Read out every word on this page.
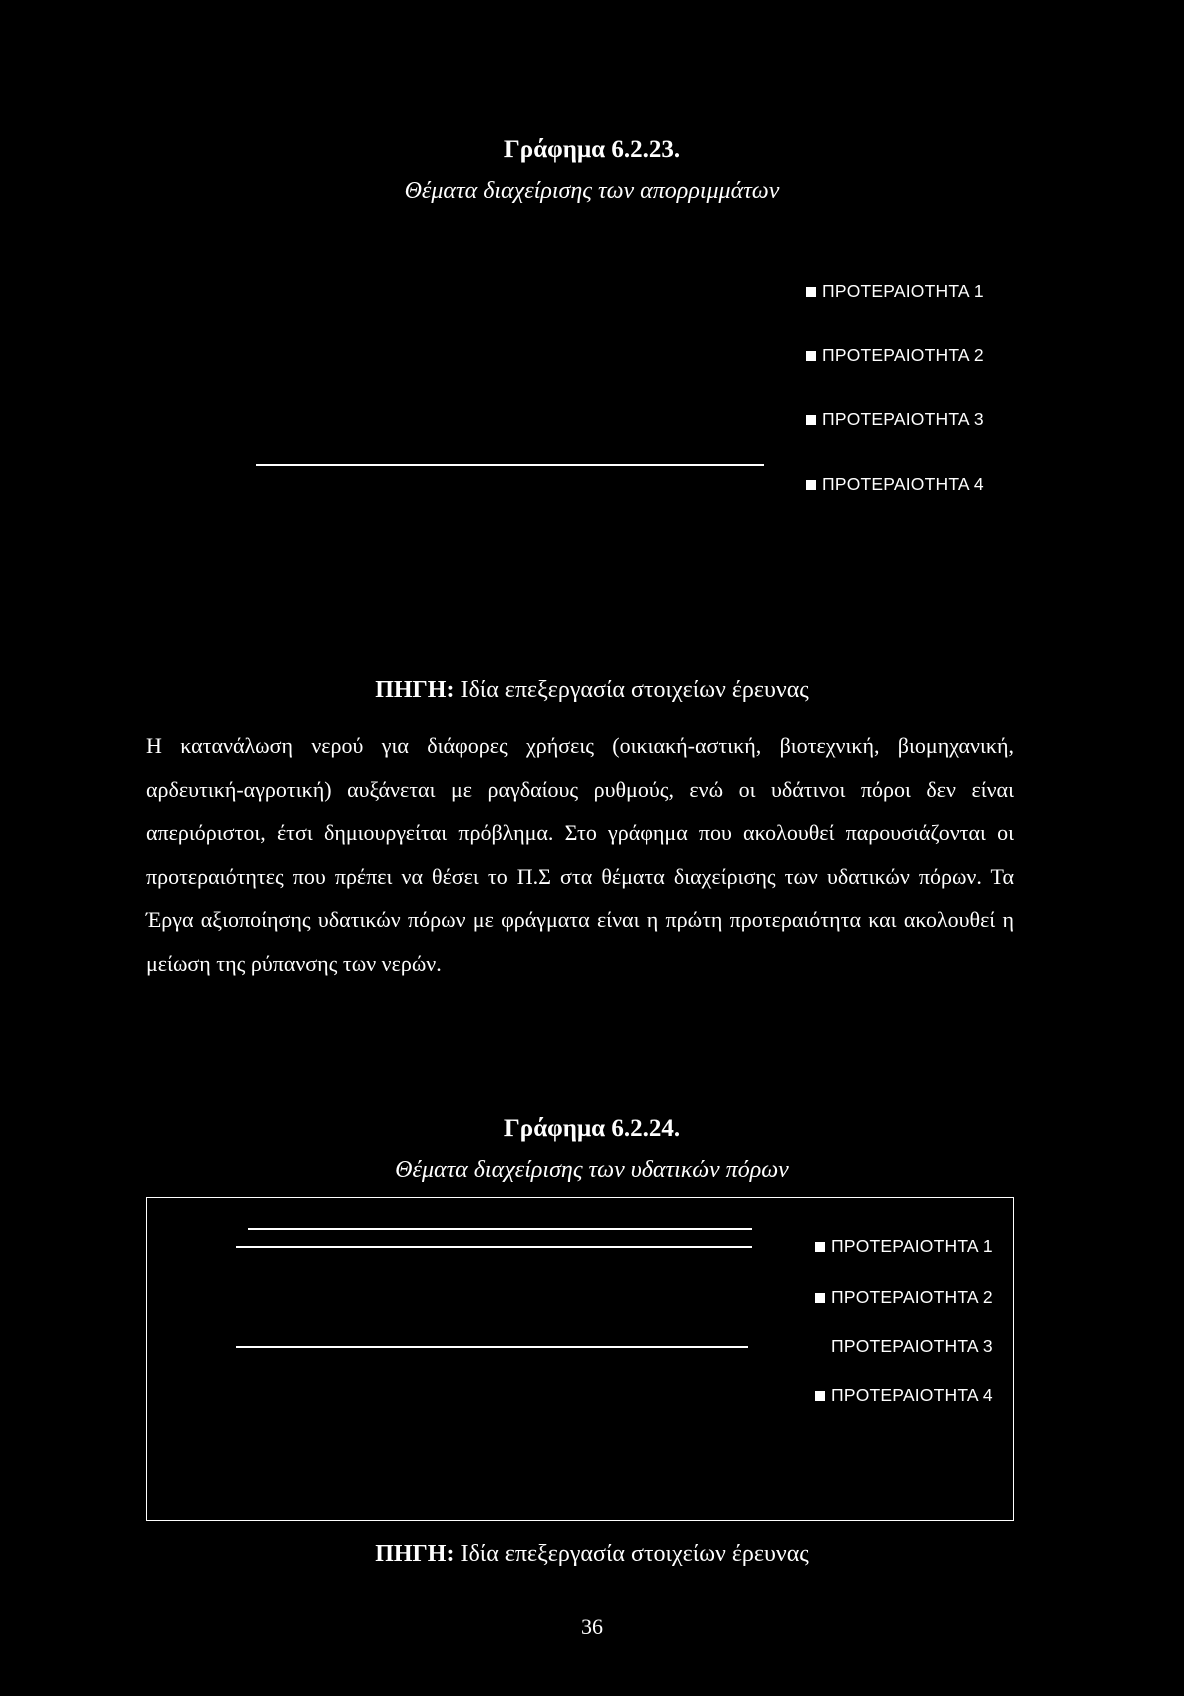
Γράφημα 6.2.23.
Θέματα διαχείρισης των απορριμμάτων
ΠΡΟΤΕΡΑΙΟΤΗΤΑ 1
ΠΡΟΤΕΡΑΙΟΤΗΤΑ 2
ΠΡΟΤΕΡΑΙΟΤΗΤΑ 3
ΠΡΟΤΕΡΑΙΟΤΗΤΑ 4
ΠΗΓΗ: Ιδία επεξεργασία στοιχείων έρευνας
Η κατανάλωση νερού για διάφορες χρήσεις (οικιακή-αστική, βιοτεχνική, βιομηχανική, αρδευτική-αγροτική) αυξάνεται με ραγδαίους ρυθμούς, ενώ οι υδάτινοι πόροι δεν είναι απεριόριστοι, έτσι δημιουργείται πρόβλημα. Στο γράφημα που ακολουθεί παρουσιάζονται οι προτεραιότητες που πρέπει να θέσει το Π.Σ στα θέματα διαχείρισης των υδατικών πόρων. Τα Έργα αξιοποίησης υδατικών πόρων με φράγματα είναι η πρώτη προτεραιότητα και ακολουθεί η μείωση της ρύπανσης των νερών.
Γράφημα 6.2.24.
Θέματα διαχείρισης των υδατικών πόρων
ΠΡΟΤΕΡΑΙΟΤΗΤΑ 1
ΠΡΟΤΕΡΑΙΟΤΗΤΑ 2
ΠΡΟΤΕΡΑΙΟΤΗΤΑ 3
ΠΡΟΤΕΡΑΙΟΤΗΤΑ 4
ΠΗΓΗ: Ιδία επεξεργασία στοιχείων έρευνας
36
